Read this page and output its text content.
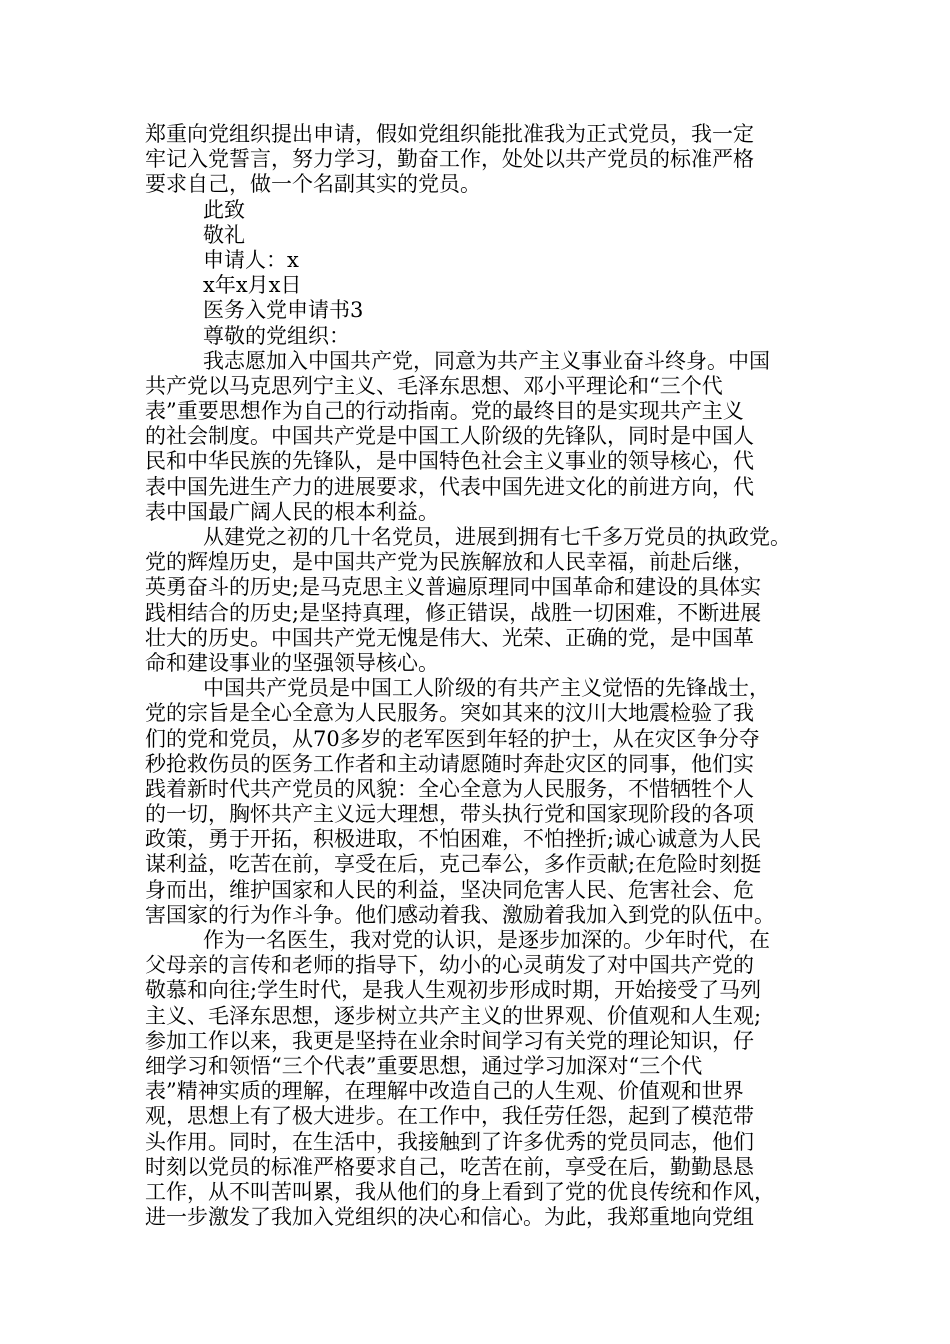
郑重向党组织提出申请，假如党组织能批准我为正式党员，我一定
牢记入党誓言，努力学习，勤奋工作，处处以共产党员的标准严格
要求自己，做一个名副其实的党员。
此致
敬礼
申请人：x
x年x月x日
医务入党申请书3
尊敬的党组织：
我志愿加入中国共产党，同意为共产主义事业奋斗终身。中国
共产党以马克思列宁主义、毛泽东思想、邓小平理论和“三个代
表”重要思想作为自己的行动指南。党的最终目的是实现共产主义
的社会制度。中国共产党是中国工人阶级的先锋队，同时是中国人
民和中华民族的先锋队，是中国特色社会主义事业的领导核心，代
表中国先进生产力的进展要求，代表中国先进文化的前进方向，代
表中国最广阔人民的根本利益。
从建党之初的几十名党员，进展到拥有七千多万党员的执政党。
党的辉煌历史，是中国共产党为民族解放和人民幸福，前赴后继，
英勇奋斗的历史;是马克思主义普遍原理同中国革命和建设的具体实
践相结合的历史;是坚持真理，修正错误，战胜一切困难，不断进展
壮大的历史。中国共产党无愧是伟大、光荣、正确的党，是中国革
命和建设事业的坚强领导核心。
中国共产党员是中国工人阶级的有共产主义觉悟的先锋战士，
党的宗旨是全心全意为人民服务。突如其来的汶川大地震检验了我
们的党和党员，从70多岁的老军医到年轻的护士，从在灾区争分夺
秒抢救伤员的医务工作者和主动请愿随时奔赴灾区的同事，他们实
践着新时代共产党员的风貌：全心全意为人民服务，不惜牺牲个人
的一切，胸怀共产主义远大理想，带头执行党和国家现阶段的各项
政策，勇于开拓，积极进取，不怕困难，不怕挫折;诚心诚意为人民
谋利益，吃苦在前，享受在后，克己奉公，多作贡献;在危险时刻挺
身而出，维护国家和人民的利益，坚决同危害人民、危害社会、危
害国家的行为作斗争。他们感动着我、激励着我加入到党的队伍中。
作为一名医生，我对党的认识，是逐步加深的。少年时代，在
父母亲的言传和老师的指导下，幼小的心灵萌发了对中国共产党的
敬慕和向往;学生时代，是我人生观初步形成时期，开始接受了马列
主义、毛泽东思想，逐步树立共产主义的世界观、价值观和人生观;
参加工作以来，我更是坚持在业余时间学习有关党的理论知识，仔
细学习和领悟“三个代表”重要思想，通过学习加深对“三个代
表”精神实质的理解，在理解中改造自己的人生观、价值观和世界
观，思想上有了极大进步。在工作中，我任劳任怨，起到了模范带
头作用。同时，在生活中，我接触到了许多优秀的党员同志，他们
时刻以党员的标准严格要求自己，吃苦在前，享受在后，勤勤恳恳
工作，从不叫苦叫累，我从他们的身上看到了党的优良传统和作风，
进一步激发了我加入党组织的决心和信心。为此，我郑重地向党组
